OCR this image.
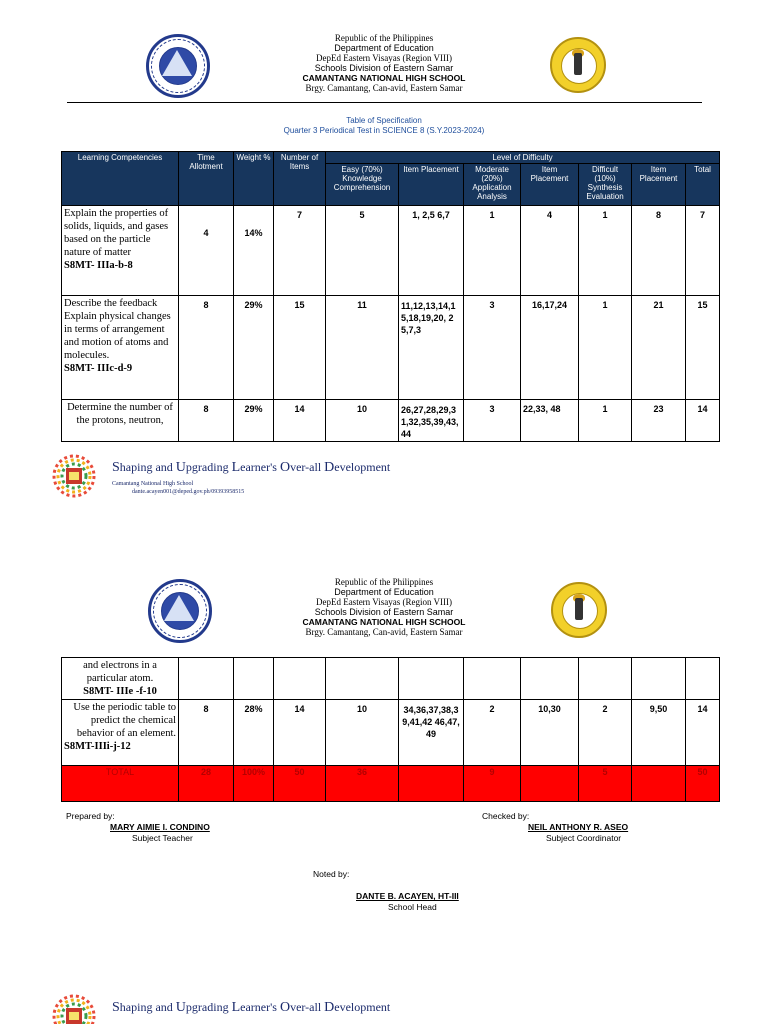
Republic of the Philippines
Department of Education
DepEd Eastern Visayas (Region VIII)
Schools Division of Eastern Samar
CAMANTANG NATIONAL HIGH SCHOOL
Brgy. Camantang, Can-avid, Eastern Samar
Table of Specification
Quarter 3 Periodical Test in SCIENCE 8 (S.Y.2023-2024)
Learning Competencies	Time Allotment	Weight %	Number of Items	Level of Difficulty						
				Easy (70%) Knowledge Comprehension	Item Placement	Moderate (20%) Application Analysis	Item Placement	Difficult (10%) Synthesis Evaluation	Item Placement	Total
Explain the properties of solids, liquids, and gases based on the particle nature of matter
S8MT- IIIa-b-8	4	14%	7	5	1, 2,5 6,7	1	4	1	8	7
Describe the feedback Explain physical changes in terms of arrangement and motion of atoms and molecules.
S8MT- IIIc-d-9	8	29%	15	11	11,12,13,14,15,18,19,20, 25,7,3	3	16,17,24	1	21	15
Determine the number of the protons, neutron,	8	29%	14	10	26,27,28,29,31,32,35,39,43,44	3	22,33, 48	1	23	14
Shaping and Upgrading Learner's Over-all Development
Camantang National High School
dante.acayen001@deped.gov.ph/09393958515
Republic of the Philippines
Department of Education
DepEd Eastern Visayas (Region VIII)
Schools Division of Eastern Samar
CAMANTANG NATIONAL HIGH SCHOOL
Brgy. Camantang, Can-avid, Eastern Samar
and electrons in a particular atom.
S8MT- IIIe -f-10										
Use the periodic table to predict the chemical behavior of an element.

S8MT-IIIi-j-12	8	28%	14	10	34,36,37,38,39,41,42 46,47,49	2	10,30	2	9,50	14
TOTAL	28	100%	50	36		9		5		50
Prepared by:
MARY AIMIE I. CONDINO
Subject Teacher
Checked by:
NEIL ANTHONY R. ASEO
Subject Coordinator
Noted by:
DANTE B. ACAYEN, HT-III
School Head
Shaping and Upgrading Learner's Over-all Development
